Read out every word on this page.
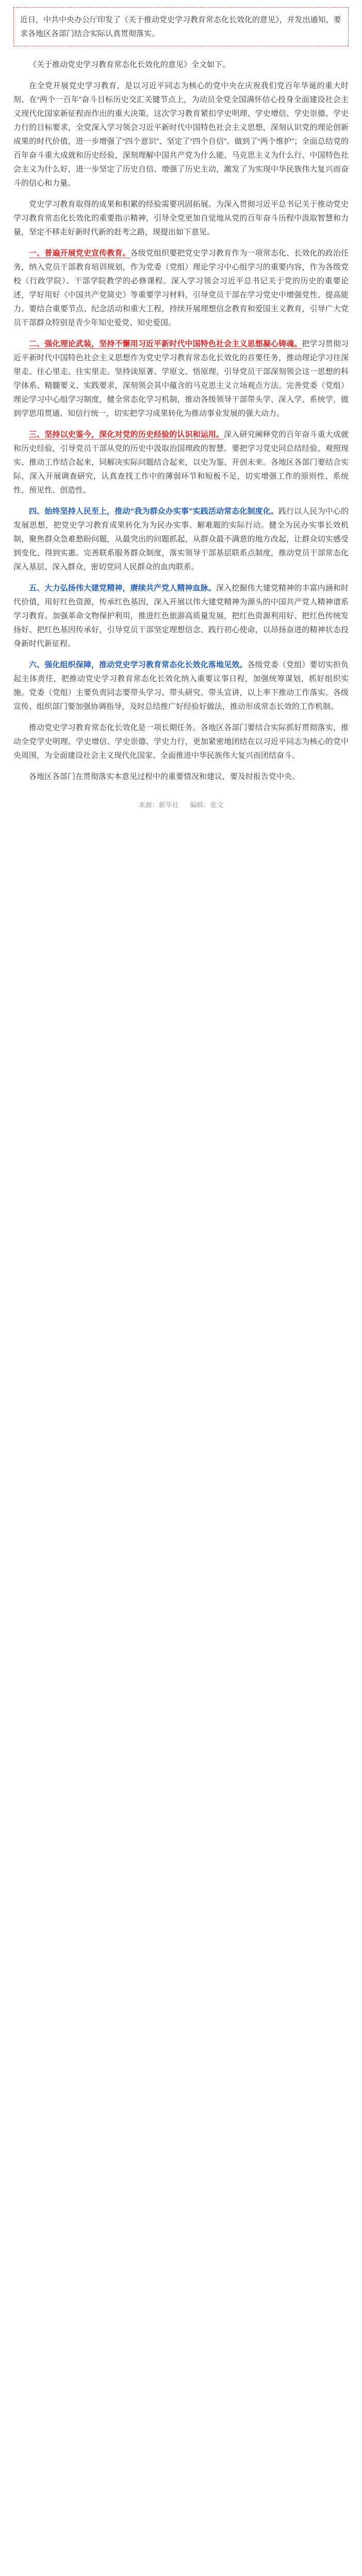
近日，中共中央办公厅印发了《关于推动党史学习教育常态化长效化的意见》，并发出通知，要求各地区各部门结合实际认真贯彻落实。

《关于推动党史学习教育常态化长效化的意见》全文如下。

在全党开展党史学习教育，是以习近平同志为核心的党中央在庆祝我们党百年华诞的重大时刻、在“两个一百年”奋斗目标历史交汇关键节点上，为动员全党全国满怀信心投身全面建设社会主义现代化国家新征程而作出的重大决策。这次学习教育紧扣学史明理、学史增信、学史崇德、学史力行的目标要求，全党深入学习领会习近平新时代中国特色社会主义思想，深刻认识党的理论创新成果的时代价值，进一步增强了“四个意识”、坚定了“四个自信”、做到了“两个维护”；全面总结党的百年奋斗重大成就和历史经验，深刻理解中国共产党为什么能、马克思主义为什么行、中国特色社会主义为什么好，进一步坚定了历史自信、增强了历史主动，激发了为实现中华民族伟大复兴而奋斗的信心和力量。

党史学习教育取得的成果和积累的经验需要巩固拓展。为深入贯彻习近平总书记关于推动党史学习教育常态化长效化的重要指示精神，引导全党更加自觉地从党的百年奋斗历程中汲取智慧和力量，坚定不移走好新时代新的赶考之路，现提出如下意见。

一、普遍开展党史宣传教育。各级党组织要把党史学习教育作为一项常态化、长效化的政治任务，纳入党员干部教育培训规划，作为党委（党组）理论学习中心组学习的重要内容，作为各级党校（行政学院）、干部学院教学的必修课程。深入学习领会习近平总书记关于党的历史的重要论述，学好用好《中国共产党简史》等重要学习材料，引导党员干部在学习党史中增强党性、提高能力。要结合重要节点、纪念活动和重大工程，持续开展理想信念教育和爱国主义教育，引导广大党员干部群众特别是青少年知史爱党、知史爱国。

二、强化理论武装，坚持不懈用习近平新时代中国特色社会主义思想凝心铸魂。把学习贯彻习近平新时代中国特色社会主义思想作为党史学习教育常态化长效化的首要任务，推动理论学习往深里走、往心里走、往实里走。坚持读原著、学原文、悟原理，引导党员干部深刻领会这一思想的科学体系、精髓要义、实践要求，深刻领会其中蕴含的马克思主义立场观点方法。完善党委（党组）理论学习中心组学习制度，健全常态化学习机制，推动各级领导干部带头学、深入学、系统学，做到学思用贯通、知信行统一，切实把学习成果转化为推动事业发展的强大动力。

三、坚持以史鉴今，深化对党的历史经验的认识和运用。深入研究阐释党的百年奋斗重大成就和历史经验，引导党员干部从党的历史中汲取治国理政的智慧。要把学习党史同总结经验、观照现实、推动工作结合起来，同解决实际问题结合起来，以史为鉴、开创未来。各地区各部门要结合实际，深入开展调查研究，认真查找工作中的薄弱环节和短板不足，切实增强工作的原则性、系统性、预见性、创造性。

四、始终坚持人民至上，推动“我为群众办实事”实践活动常态化制度化。践行以人民为中心的发展思想，把党史学习教育成果转化为为民办实事、解难题的实际行动。健全为民办实事长效机制，聚焦群众急难愁盼问题，从最突出的问题抓起，从群众最不满意的地方改起，让群众切实感受到变化、得到实惠。完善联系服务群众制度，落实领导干部基层联系点制度，推动党员干部常态化深入基层、深入群众，密切党同人民群众的血肉联系。

五、大力弘扬伟大建党精神，赓续共产党人精神血脉。深入挖掘伟大建党精神的丰富内涵和时代价值，用好红色资源，传承红色基因，深入开展以伟大建党精神为源头的中国共产党人精神谱系学习教育。加强革命文物保护利用，推进红色旅游高质量发展，把红色资源利用好、把红色传统发扬好、把红色基因传承好，引导党员干部坚定理想信念、践行初心使命，以昂扬奋进的精神状态投身新时代新征程。

六、强化组织保障，推动党史学习教育常态化长效化落地见效。各级党委（党组）要切实担负起主体责任，把推动党史学习教育常态化长效化纳入重要议事日程，加强统筹谋划，抓好组织实施。党委（党组）主要负责同志要带头学习、带头研究、带头宣讲，以上率下推动工作落实。各级宣传、组织部门要加强协调指导，及时总结推广好经验好做法，推动形成常态长效的工作机制。

推动党史学习教育常态化长效化是一项长期任务。各地区各部门要结合实际抓好贯彻落实，推动全党学史明理、学史增信、学史崇德、学史力行，更加紧密地团结在以习近平同志为核心的党中央周围，为全面建设社会主义现代化国家、全面推进中华民族伟大复兴而团结奋斗。

各地区各部门在贯彻落实本意见过程中的重要情况和建议，要及时报告党中央。

来源：新华社 编辑：张文
